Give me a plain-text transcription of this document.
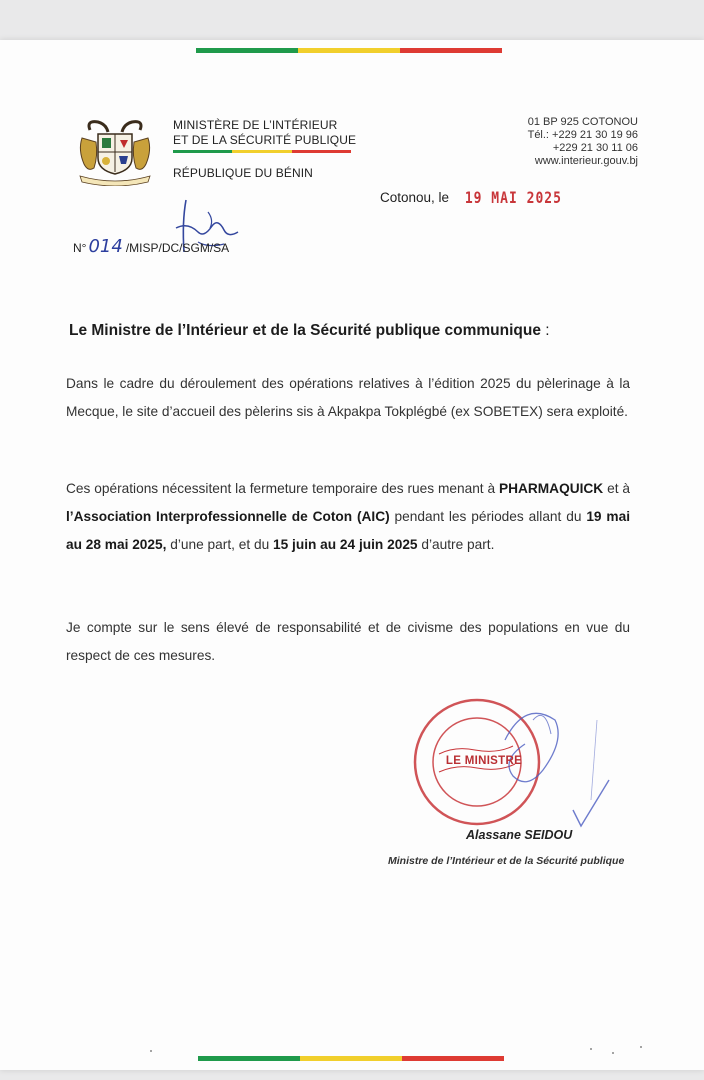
MINISTÈRE DE L’INTÉRIEUR
ET DE LA SÉCURITÉ PUBLIQUE
RÉPUBLIQUE DU BÉNIN
01 BP 925 COTONOU
Tél.: +229 21 30 19 96
+229 21 30 11 06
www.interieur.gouv.bj
Cotonou, le 19 MAI 2025
N° 014 /MISP/DC/SGM/SA
Le Ministre de l’Intérieur et de la Sécurité publique communique :
Dans le cadre du déroulement des opérations relatives à l’édition 2025 du pèlerinage à la Mecque, le site d’accueil des pèlerins sis à Akpakpa Tokplégbé (ex SOBETEX) sera exploité.
Ces opérations nécessitent la fermeture temporaire des rues menant à PHARMAQUICK et à l’Association Interprofessionnelle de Coton (AIC) pendant les périodes allant du 19 mai au 28 mai 2025, d’une part, et du 15 juin au 24 juin 2025 d’autre part.
Je compte sur le sens élevé de responsabilité et de civisme des populations en vue du respect de ces mesures.
LE MINISTRE
Alassane SEIDOU
Ministre de l’Intérieur et de la Sécurité publique
